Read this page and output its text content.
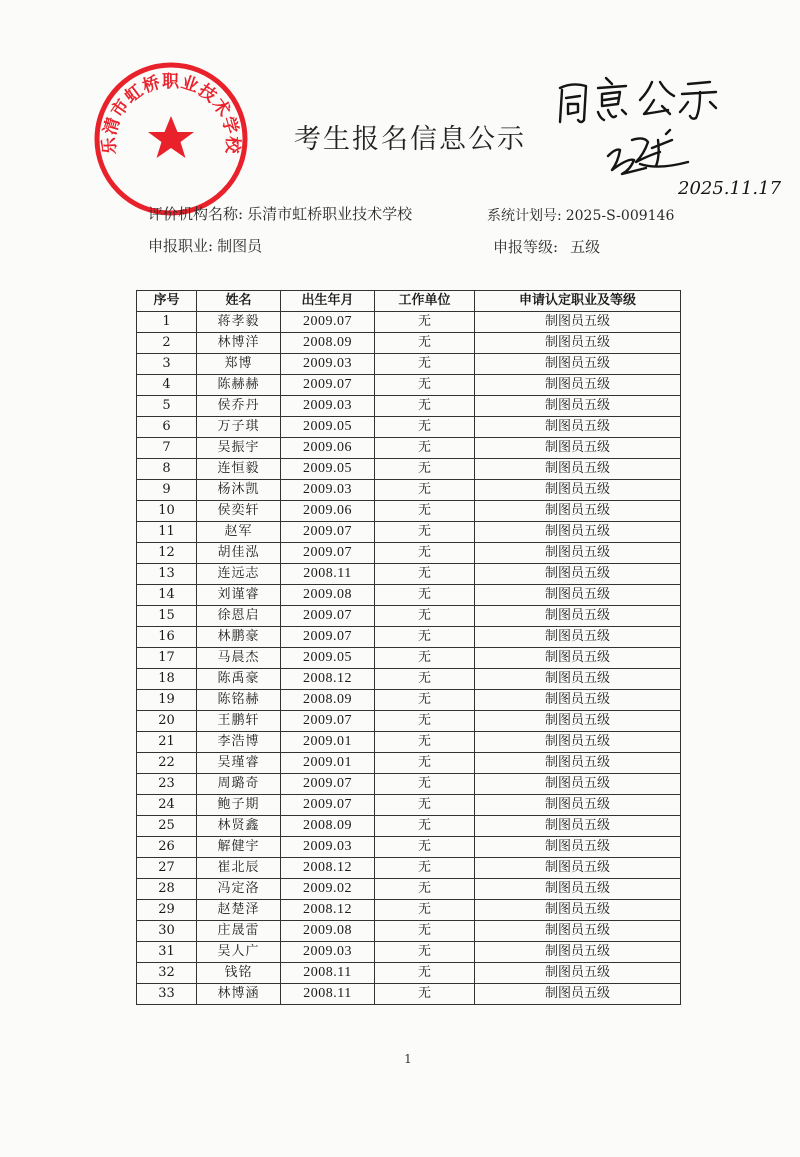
乐清市虹桥职业技术学校	考生报名信息公示
2025.11.17
评价机构名称: 乐清市虹桥职业技术学校	系统计划号: 2025-S-009146
申报职业: 制图员	申报等级: 五级
序号	姓名	出生年月	工作单位	申请认定职业及等级
1	蒋孝毅	2009.07	无	制图员五级
2	林博洋	2008.09	无	制图员五级
3	郑博	2009.03	无	制图员五级
4	陈赫赫	2009.07	无	制图员五级
5	侯乔丹	2009.03	无	制图员五级
6	万子琪	2009.05	无	制图员五级
7	吴振宇	2009.06	无	制图员五级
8	连恒毅	2009.05	无	制图员五级
9	杨沐凯	2009.03	无	制图员五级
10	侯奕轩	2009.06	无	制图员五级
11	赵军	2009.07	无	制图员五级
12	胡佳泓	2009.07	无	制图员五级
13	连远志	2008.11	无	制图员五级
14	刘谨睿	2009.08	无	制图员五级
15	徐恩启	2009.07	无	制图员五级
16	林鹏豪	2009.07	无	制图员五级
17	马晨杰	2009.05	无	制图员五级
18	陈禹豪	2008.12	无	制图员五级
19	陈铭赫	2008.09	无	制图员五级
20	王鹏轩	2009.07	无	制图员五级
21	李浩博	2009.01	无	制图员五级
22	吴瑾睿	2009.01	无	制图员五级
23	周璐奇	2009.07	无	制图员五级
24	鲍子期	2009.07	无	制图员五级
25	林贤鑫	2008.09	无	制图员五级
26	解健宇	2009.03	无	制图员五级
27	崔北辰	2008.12	无	制图员五级
28	冯定洛	2009.02	无	制图员五级
29	赵楚泽	2008.12	无	制图员五级
30	庄晟雷	2009.08	无	制图员五级
31	吴人广	2009.03	无	制图员五级
32	钱铭	2008.11	无	制图员五级
33	林博涵	2008.11	无	制图员五级
1
